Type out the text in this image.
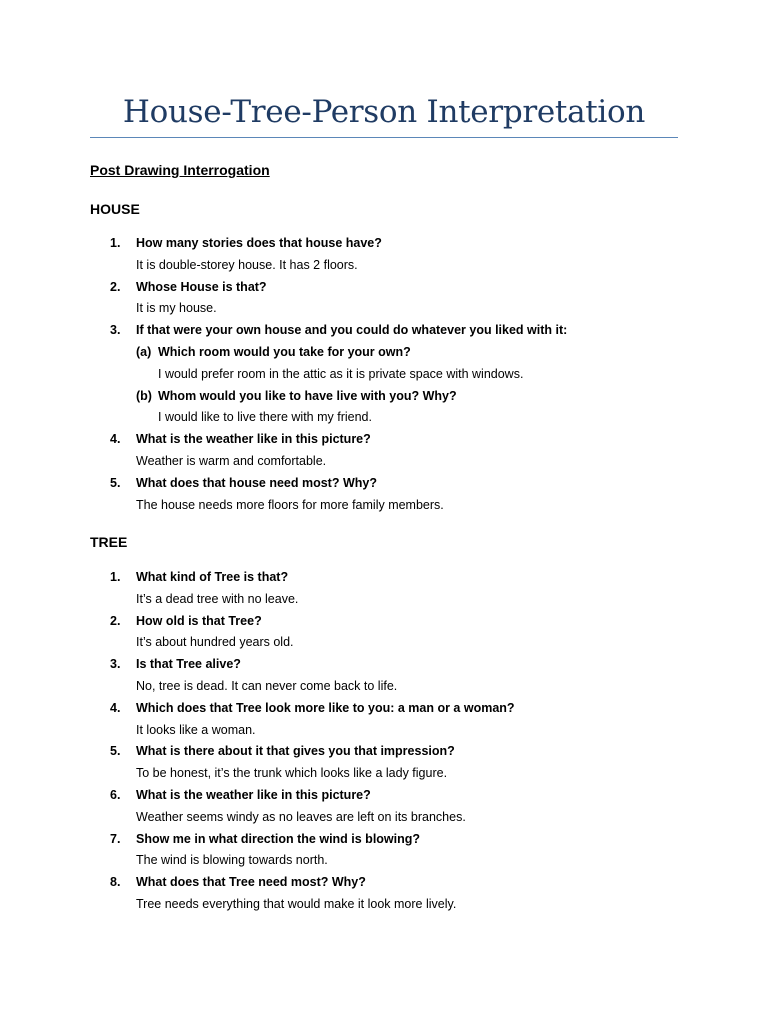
House-Tree-Person Interpretation

Post Drawing Interrogation

HOUSE
1. How many stories does that house have?
It is double-storey house. It has 2 floors.
2. Whose House is that?
It is my house.
3. If that were your own house and you could do whatever you liked with it:
(a) Which room would you take for your own?
I would prefer room in the attic as it is private space with windows.
(b) Whom would you like to have live with you? Why?
I would like to live there with my friend.
4. What is the weather like in this picture?
Weather is warm and comfortable.
5. What does that house need most? Why?
The house needs more floors for more family members.
TREE
1. What kind of Tree is that?
It’s a dead tree with no leave.
2. How old is that Tree?
It’s about hundred years old.
3. Is that Tree alive?
No, tree is dead. It can never come back to life.
4. Which does that Tree look more like to you: a man or a woman?
It looks like a woman.
5. What is there about it that gives you that impression?
To be honest, it’s the trunk which looks like a lady figure.
6. What is the weather like in this picture?
Weather seems windy as no leaves are left on its branches.
7. Show me in what direction the wind is blowing?
The wind is blowing towards north.
8. What does that Tree need most? Why?
Tree needs everything that would make it look more lively.
